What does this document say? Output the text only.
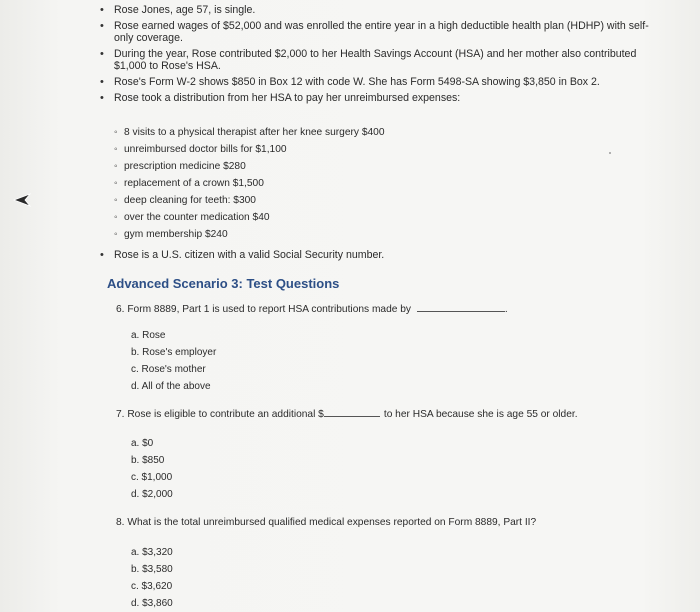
• Rose Jones, age 57, is single.
• Rose earned wages of $52,000 and was enrolled the entire year in a high deductible health plan (HDHP) with self-only coverage.
• During the year, Rose contributed $2,000 to her Health Savings Account (HSA) and her mother also contributed $1,000 to Rose's HSA.
• Rose's Form W-2 shows $850 in Box 12 with code W. She has Form 5498-SA showing $3,850 in Box 2.
• Rose took a distribution from her HSA to pay her unreimbursed expenses:
◦ 8 visits to a physical therapist after her knee surgery $400
◦ unreimbursed doctor bills for $1,100
◦ prescription medicine $280
◦ replacement of a crown $1,500
◦ deep cleaning for teeth: $300
◦ over the counter medication $40
◦ gym membership $240
• Rose is a U.S. citizen with a valid Social Security number.
Advanced Scenario 3: Test Questions
6. Form 8889, Part 1 is used to report HSA contributions made by	.
a. Rose
b. Rose's employer
c. Rose's mother
d. All of the above
7. Rose is eligible to contribute an additional $	to her HSA because she is age 55 or older.
a. $0
b. $850
c. $1,000
d. $2,000
8. What is the total unreimbursed qualified medical expenses reported on Form 8889, Part II?
a. $3,320
b. $3,580
c. $3,620
d. $3,860
